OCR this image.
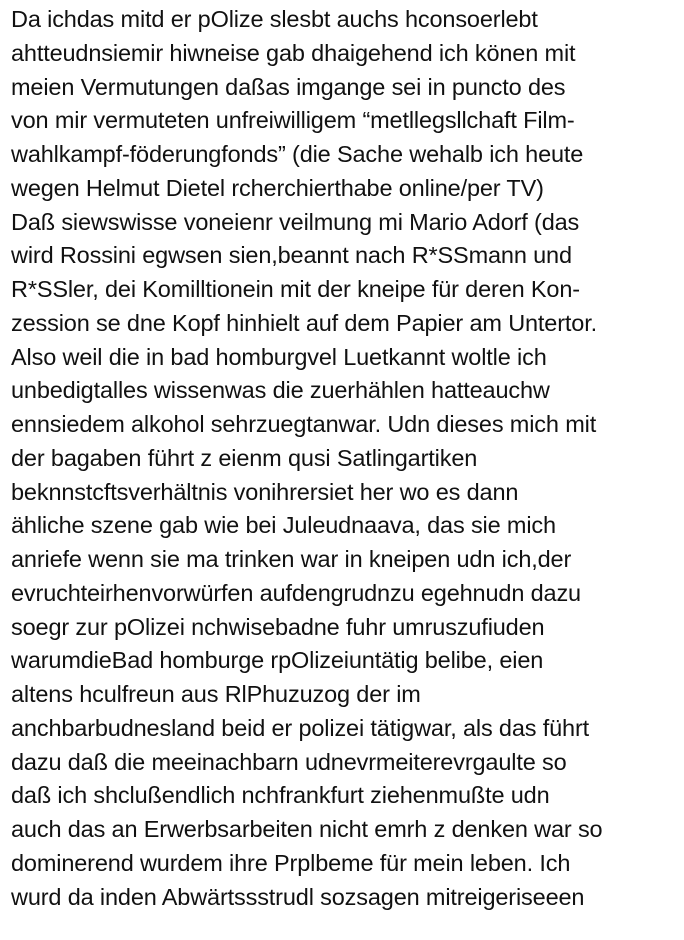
Da ichdas mitd er pOlize slesbt auchs hconsoerlebt
ahtteudnsiemir hiwneise gab dhaigehend ich könen mit
meien Vermutungen daßas imgange sei in puncto des
von mir vermuteten unfreiwilligem “metllegsllchaft Film-
wahlkampf-föderungfonds” (die Sache wehalb ich heute
wegen Helmut Dietel rcherchierthabe online/per TV)
Daß siewswisse voneienr veilmung mi Mario Adorf (das
wird Rossini egwsen sien,beannt nach R*SSmann und
R*SSler, dei Komilltionein mit der kneipe für deren Kon-
zession se dne Kopf hinhielt auf dem Papier am Untertor.
Also weil die in bad homburgvel Luetkannt woltle ich
unbedigtalles wissenwas die zuerhählen hatteauchw
ennsiedem alkohol sehrzuegtanwar. Udn dieses mich mit
der bagaben führt z eienm qusi Satlingartiken
beknnstcftsverhältnis vonihrersiet her wo es dann
ähliche szene gab wie bei Juleudnaava, das sie mich
anriefe wenn sie ma trinken war in kneipen udn ich,der
evruchteirhenvorwürfen aufdengrudnzu egehnudn dazu
soegr zur pOlizei nchwisebadne fuhr umruszufiuden
warumdieBad homburge rpOlizeiuntätig belibe, eien
altens hculfreun aus RlPhuzuzog der im
anchbarbudnesland beid er polizei tätigwar, als das führt
dazu daß die meeinachbarn udnevrmeiterevrgaulte so
daß ich shclußendlich nchfrankfurt ziehenmußte udn
auch das an Erwerbsarbeiten nicht emrh z denken war so
dominerend wurdem ihre Prplbeme für mein leben. Ich
wurd da inden Abwärtssstrudl sozsagen mitreigeriseeen
